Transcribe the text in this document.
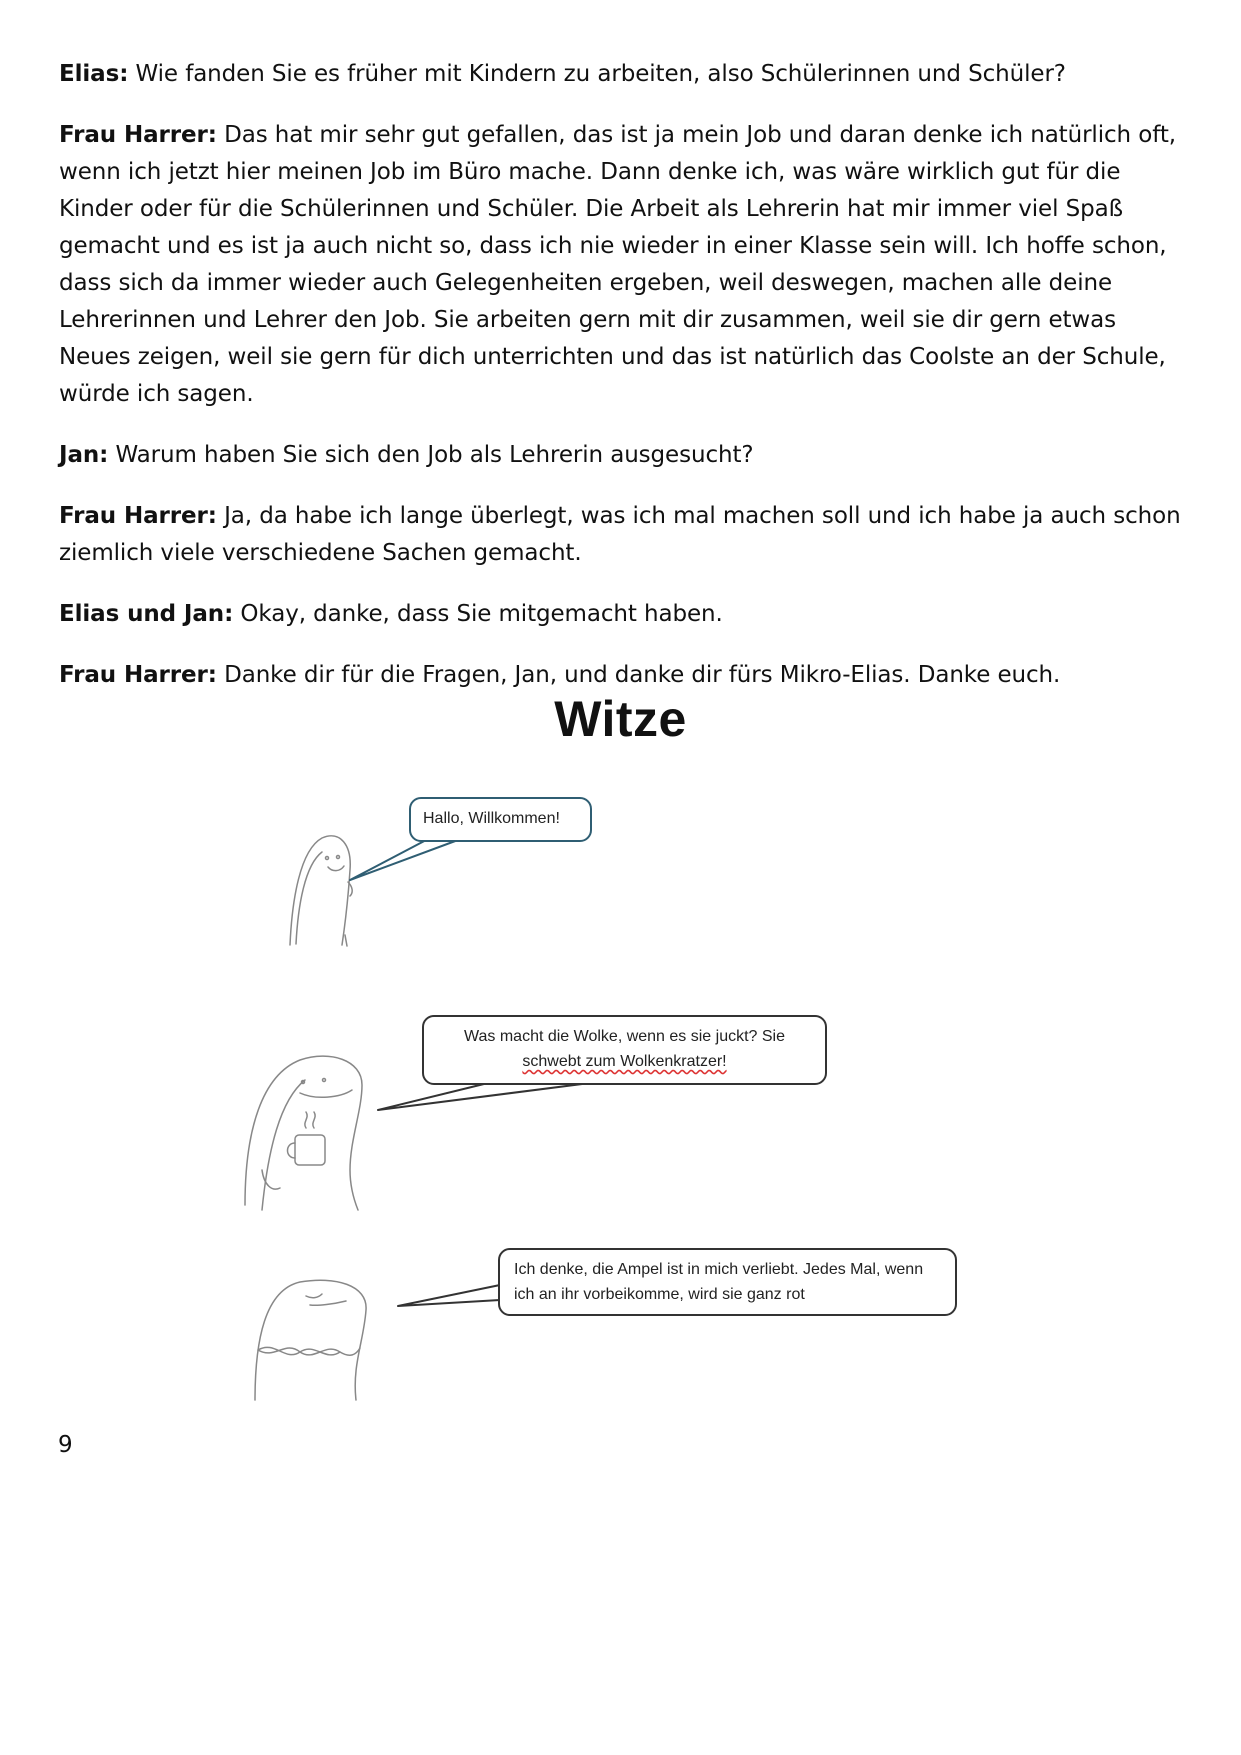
Elias: Wie fanden Sie es früher mit Kindern zu arbeiten, also Schülerinnen und Schüler?

Frau Harrer: Das hat mir sehr gut gefallen, das ist ja mein Job und daran denke ich natürlich oft, wenn ich jetzt hier meinen Job im Büro mache. Dann denke ich, was wäre wirklich gut für die Kinder oder für die Schülerinnen und Schüler. Die Arbeit als Lehrerin hat mir immer viel Spaß gemacht und es ist ja auch nicht so, dass ich nie wieder in einer Klasse sein will. Ich hoffe schon, dass sich da immer wieder auch Gelegenheiten ergeben, weil deswegen, machen alle deine Lehrerinnen und Lehrer den Job. Sie arbeiten gern mit dir zusammen, weil sie dir gern etwas Neues zeigen, weil sie gern für dich unterrichten und das ist natürlich das Coolste an der Schule, würde ich sagen.

Jan: Warum haben Sie sich den Job als Lehrerin ausgesucht?

Frau Harrer: Ja, da habe ich lange überlegt, was ich mal machen soll und ich habe ja auch schon ziemlich viele verschiedene Sachen gemacht.

Elias und Jan: Okay, danke, dass Sie mitgemacht haben.

Frau Harrer: Danke dir für die Fragen, Jan, und danke dir fürs Mikro-Elias. Danke euch.

Witze
Hallo, Willkommen!
Was macht die Wolke, wenn es sie juckt? Sie
schwebt zum Wolkenkratzer!
Ich denke, die Ampel ist in mich verliebt. Jedes Mal, wenn
ich an ihr vorbeikomme, wird sie ganz rot
9
